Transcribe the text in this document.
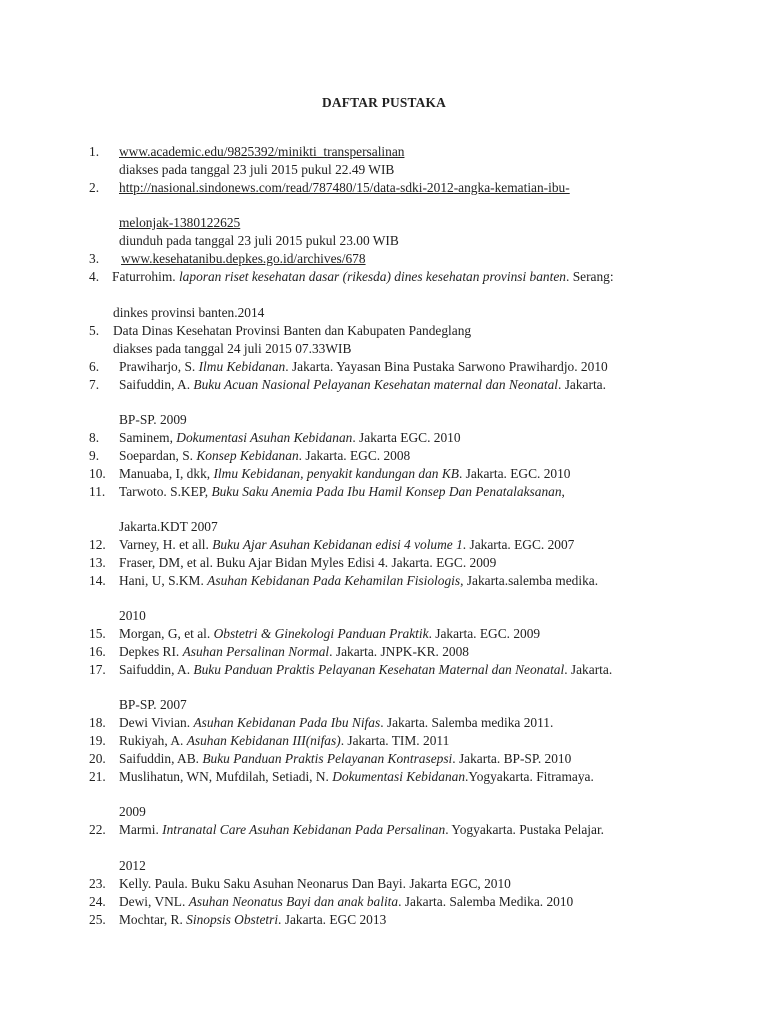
DAFTAR PUSTAKA
1.	www.academic.edu/9825392/minikti_transpersalinan
diakses pada tanggal 23 juli 2015 pukul 22.49 WIB
2.	http://nasional.sindonews.com/read/787480/15/data-sdki-2012-angka-kematian-ibu-
melonjak-1380122625
diunduh pada tanggal 23 juli 2015 pukul 23.00 WIB
3.	www.kesehatanibu.depkes.go.id/archives/678
4. Faturrohim. laporan riset kesehatan dasar (rikesda) dines kesehatan provinsi banten. Serang:
dinkes provinsi banten.2014
5.	Data Dinas Kesehatan Provinsi Banten dan Kabupaten Pandeglang
diakses pada tanggal 24 juli 2015 07.33WIB
6.	Prawiharjo, S. Ilmu Kebidanan. Jakarta. Yayasan Bina Pustaka Sarwono Prawihardjo. 2010
7.	Saifuddin, A. Buku Acuan Nasional Pelayanan Kesehatan maternal dan Neonatal. Jakarta.
BP-SP. 2009
8.	Saminem, Dokumentasi Asuhan Kebidanan. Jakarta EGC. 2010
9.	Soepardan, S. Konsep Kebidanan. Jakarta. EGC. 2008
10. Manuaba, I, dkk, Ilmu Kebidanan, penyakit kandungan dan KB. Jakarta. EGC. 2010
11.	Tarwoto. S.KEP, Buku Saku Anemia Pada Ibu Hamil Konsep Dan Penatalaksanan,
Jakarta.KDT 2007
12. Varney, H. et all. Buku Ajar Asuhan Kebidanan edisi 4 volume 1. Jakarta. EGC. 2007
13. Fraser, DM, et al. Buku Ajar Bidan Myles Edisi 4. Jakarta. EGC. 2009
14. Hani, U, S.KM. Asuhan Kebidanan Pada Kehamilan Fisiologis, Jakarta.salemba medika.
2010
15. Morgan, G, et al. Obstetri & Ginekologi Panduan Praktik. Jakarta. EGC. 2009
16. Depkes RI. Asuhan Persalinan Normal. Jakarta. JNPK-KR. 2008
17. Saifuddin, A. Buku Panduan Praktis Pelayanan Kesehatan Maternal dan Neonatal. Jakarta.
BP-SP. 2007
18. Dewi Vivian. Asuhan Kebidanan Pada Ibu Nifas. Jakarta. Salemba medika 2011.
19. Rukiyah, A. Asuhan Kebidanan III(nifas). Jakarta. TIM. 2011
20. Saifuddin, AB. Buku Panduan Praktis Pelayanan Kontrasepsi. Jakarta. BP-SP. 2010
21. Muslihatun, WN, Mufdilah, Setiadi, N. Dokumentasi Kebidanan.Yogyakarta. Fitramaya.
2009
22. Marmi. Intranatal Care Asuhan Kebidanan Pada Persalinan. Yogyakarta. Pustaka Pelajar.
2012
23. Kelly. Paula. Buku Saku Asuhan Neonarus Dan Bayi. Jakarta EGC, 2010
24. Dewi, VNL. Asuhan Neonatus Bayi dan anak balita. Jakarta. Salemba Medika. 2010
25. Mochtar, R. Sinopsis Obstetri. Jakarta. EGC 2013
